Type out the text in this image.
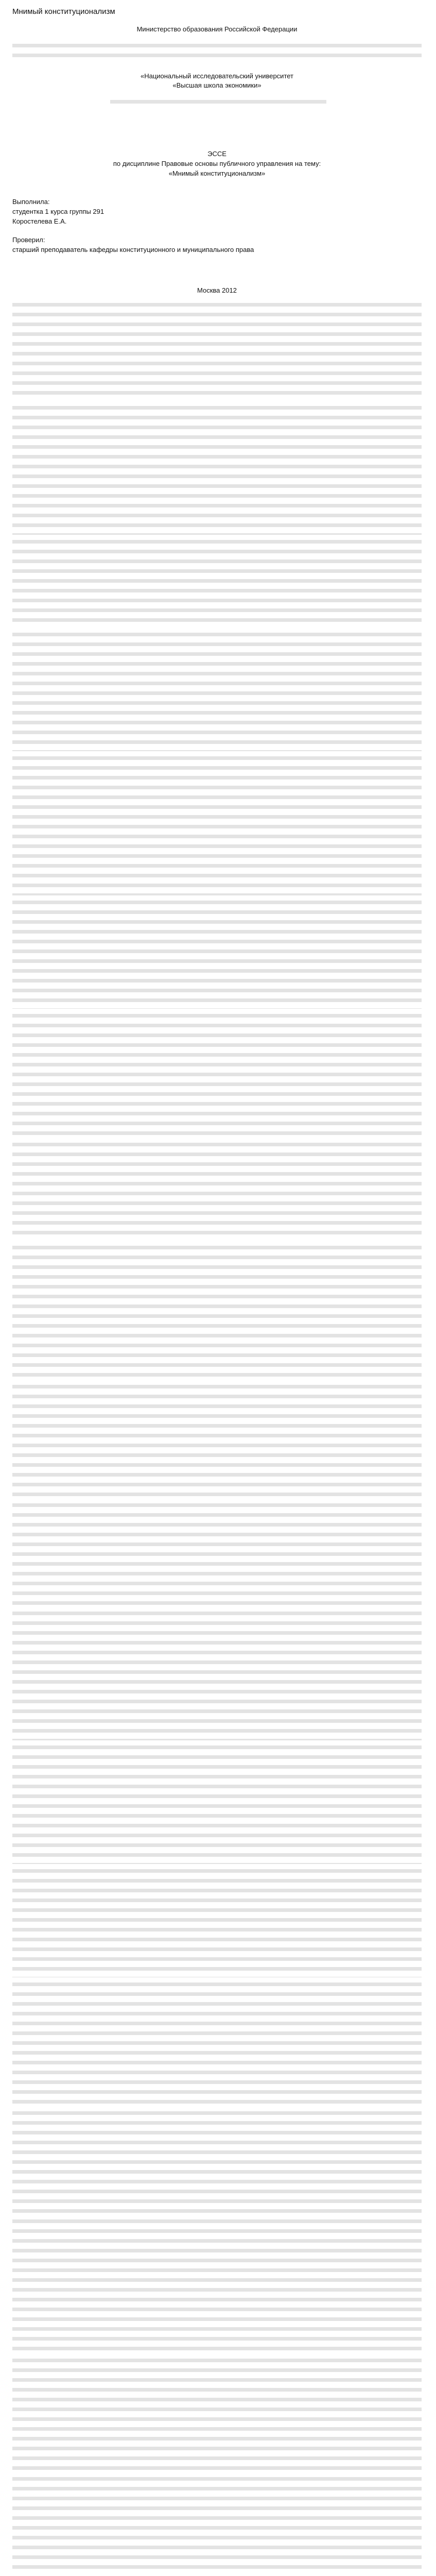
Мнимый конституционализм

Министерство образования Российской Федерации

«Национальный исследовательский университет

«Высшая школа экономики»

ЭССЕ

по дисциплине Правовые основы публичного управления на тему:

«Мнимый конституционализм»

Выполнила:

студентка 1 курса группы 291

Коростелева Е.А.

Проверил:

старший преподаватель кафедры конституционного и муниципального права

Москва 2012
